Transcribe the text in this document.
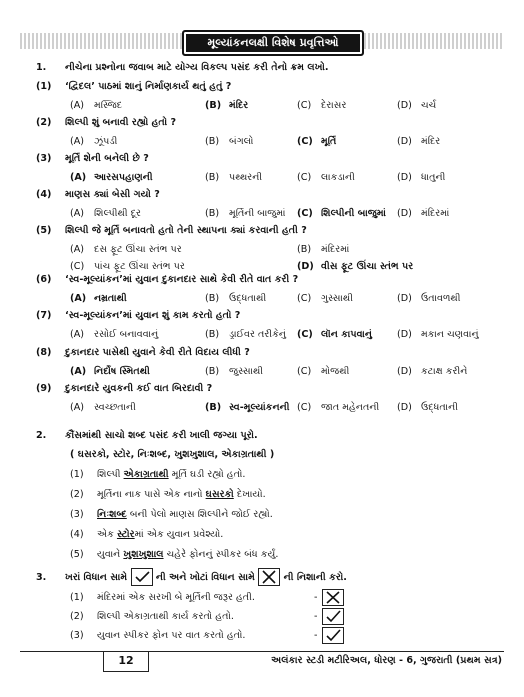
મૂલ્યાંકનલક્ષી વિશેષ પ્રવૃત્તિઓ
1.	નીચેના પ્રશ્નોના જવાબ માટે યોગ્ય વિકલ્પ પસંદ કરી તેનો ક્રમ લખો.
(1)	‘દ્વિદલ’ પાઠમાં શાનું નિર્માણકાર્ય થતું હતું ?
(A) મસ્જિદ	(B) મંદિર	(C) દેરાસર	(D) ચર્ચ
(2)	શિલ્પી શું બનાવી રહ્યો હતો ?
(A) ઝૂંપડી	(B) બંગલો	(C) મૂર્તિ	(D) મંદિર
(3)	મૂર્તિ શેની બનેલી છે ?
(A) આરસપહાણની	(B) પથ્થરની	(C) લાકડાની	(D) ધાતુની
(4)	માણસ ક્યાં બેસી ગયો ?
(A) શિલ્પીથી દૂર	(B) મૂર્તિની બાજુમાં (C) શિલ્પીની બાજુમાં (D) મંદિરમાં
(5)	શિલ્પી જે મૂર્તિ બનાવતો હતો તેની સ્થાપના ક્યાં કરવાની હતી ?
(A) દસ ફૂટ ઊંચા સ્તંભ પર	(B) મંદિરમાં
(C) પાંચ ફૂટ ઊંચા સ્તંભ પર	(D) વીસ ફૂટ ઊંચા સ્તંભ પર
(6)	‘સ્વ-મૂલ્યાંકન’માં યુવાન દુકાનદાર સાથે કેવી રીતે વાત કરી ?
(A) નમ્રતાથી	(B) ઉદ્ધતાથી	(C) ગુસ્સાથી	(D) ઉતાવળથી
(7)	‘સ્વ-મૂલ્યાંકન’માં યુવાન શું કામ કરતો હતો ?
(A) રસોઈ બનાવવાનું	(B) ડ્રાઈવર તરીકેનું (C) લૉન કાપવાનું	(D) મકાન ચણવાનું
(8)	દુકાનદાર પાસેથી યુવાને કેવી રીતે વિદાય લીધી ?
(A) નિર્દોષ સ્મિતથી	(B) જુસ્સાથી	(C) મોજથી	(D) કટાક્ષ કરીને
(9)	દુકાનદારે યુવકની કઈ વાત બિરદાવી ?
(A) સ્વચ્છતાની	(B) સ્વ-મૂલ્યાંકનની (C) જાત મહેનતની (D) ઉદ્ધતાની
2.	કૌંસમાંથી સાચો શબ્દ પસંદ કરી ખાલી જગ્યા પૂરો.
( ઘસરકો, સ્ટોર, નિઃશબ્દ, ખુશખુશાલ, એકાગ્રતાથી )
(1) શિલ્પી એકાગ્રતાથી મૂર્તિ ઘડી રહ્યો હતો.
(2) મૂર્તિના નાક પાસે એક નાનો ઘસરકો દેખાયો.
(3) નિઃશબ્દ બની પેલો માણસ શિલ્પીને જોઈ રહ્યો.
(4) એક સ્ટોરમાં એક યુવાન પ્રવેશ્યો.
(5) યુવાને ખુશખુશાલ ચહેરે ફોનનું સ્પીકર બંધ કર્યું.
3.	ખરાં વિધાન સામે	ની અને ખોટાં વિધાન સામે ☒ ની નિશાની કરો.
(1) મંદિરમાં એક સરખી બે મૂર્તિની જરૂર હતી.	-
(2) શિલ્પી એકાગ્રતાથી કાર્ય કરતો હતો.	-
(3) યુવાન સ્પીકર ફોન પર વાત કરતો હતો.	-
12	અલંકાર સ્ટડી મટીરિઅલ, ધોરણ - 6, ગુજરાતી (પ્રથમ સત્ર)
